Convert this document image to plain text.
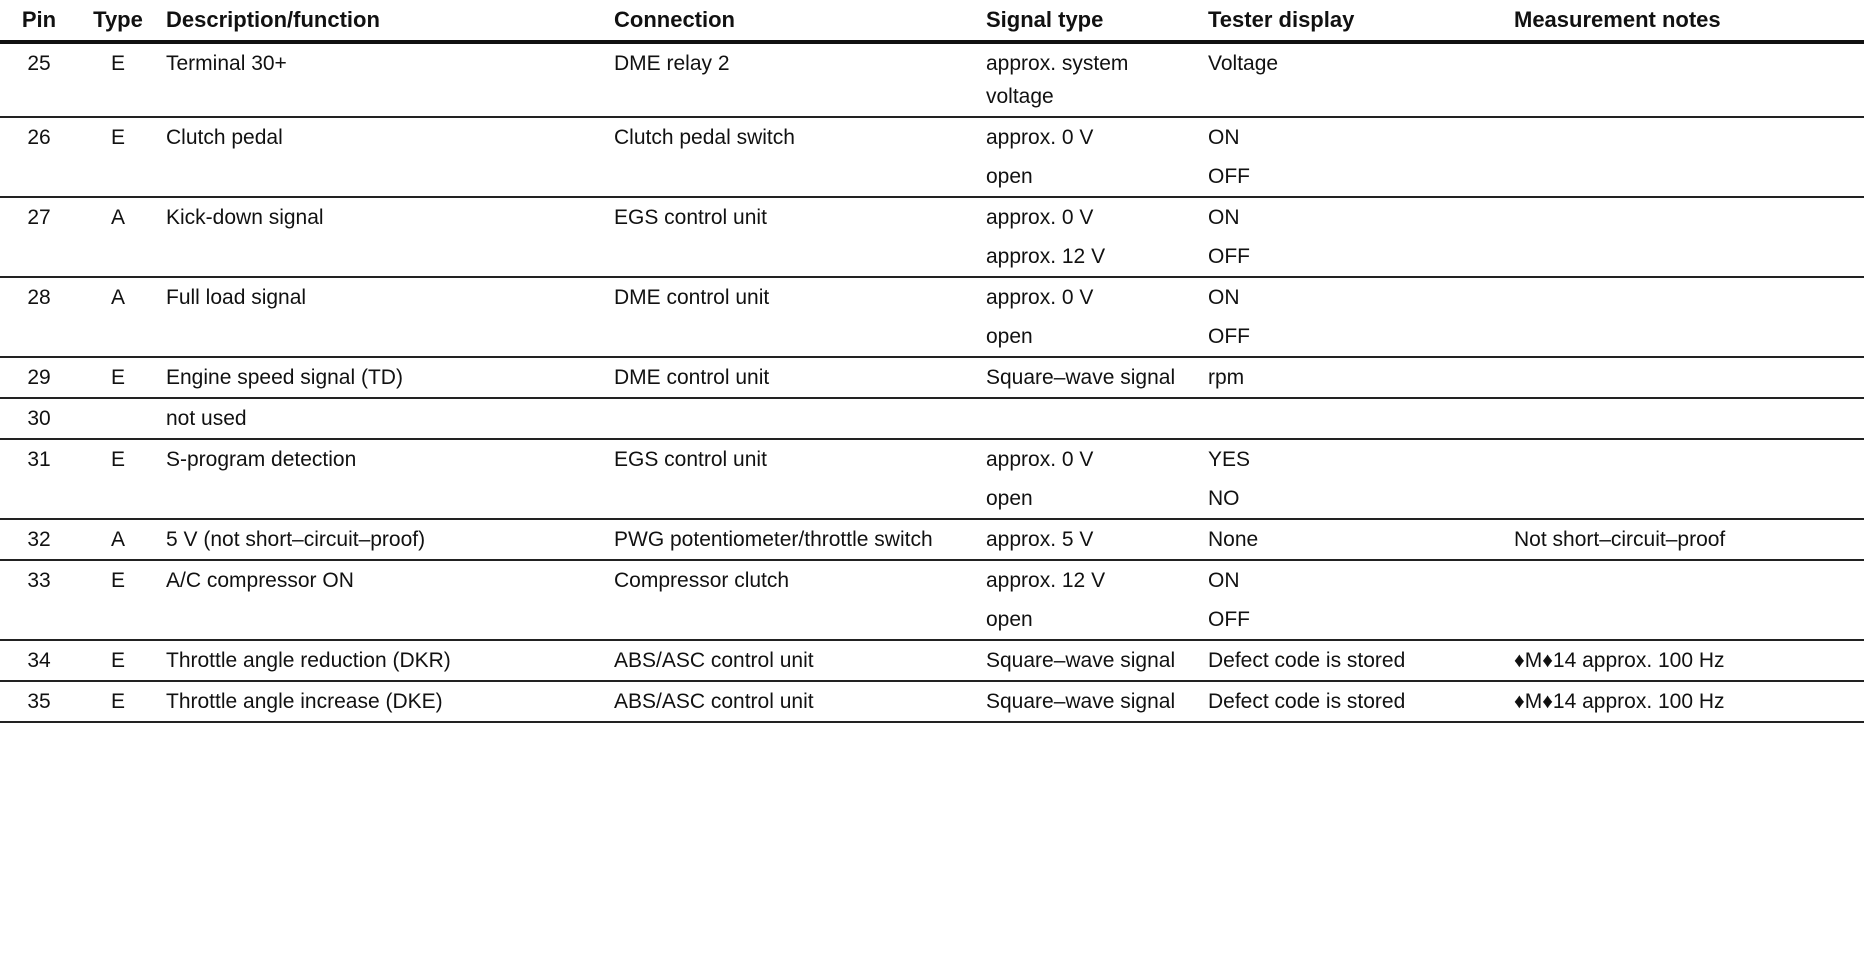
Pin	Type	Description/function	Connection	Signal type	Tester display	Measurement notes
25	E	Terminal 30+	DME relay 2	approx. system voltage	Voltage	
26	E	Clutch pedal	Clutch pedal switch	approx. 0 V	ON	
				open	OFF	
27	A	Kick-down signal	EGS control unit	approx. 0 V	ON	
				approx. 12 V	OFF	
28	A	Full load signal	DME control unit	approx. 0 V	ON	
				open	OFF	
29	E	Engine speed signal (TD)	DME control unit	Square–wave signal	rpm	
30		not used				
31	E	S-program detection	EGS control unit	approx. 0 V	YES	
				open	NO	
32	A	5 V (not short–circuit–proof)	PWG potentiometer/throttle switch	approx. 5 V	None	Not short–circuit–proof
33	E	A/C compressor ON	Compressor clutch	approx. 12 V	ON	
				open	OFF	
34	E	Throttle angle reduction (DKR)	ABS/ASC control unit	Square–wave signal	Defect code is stored	♦M♦14 approx. 100 Hz
35	E	Throttle angle increase (DKE)	ABS/ASC control unit	Square–wave signal	Defect code is stored	♦M♦14 approx. 100 Hz
